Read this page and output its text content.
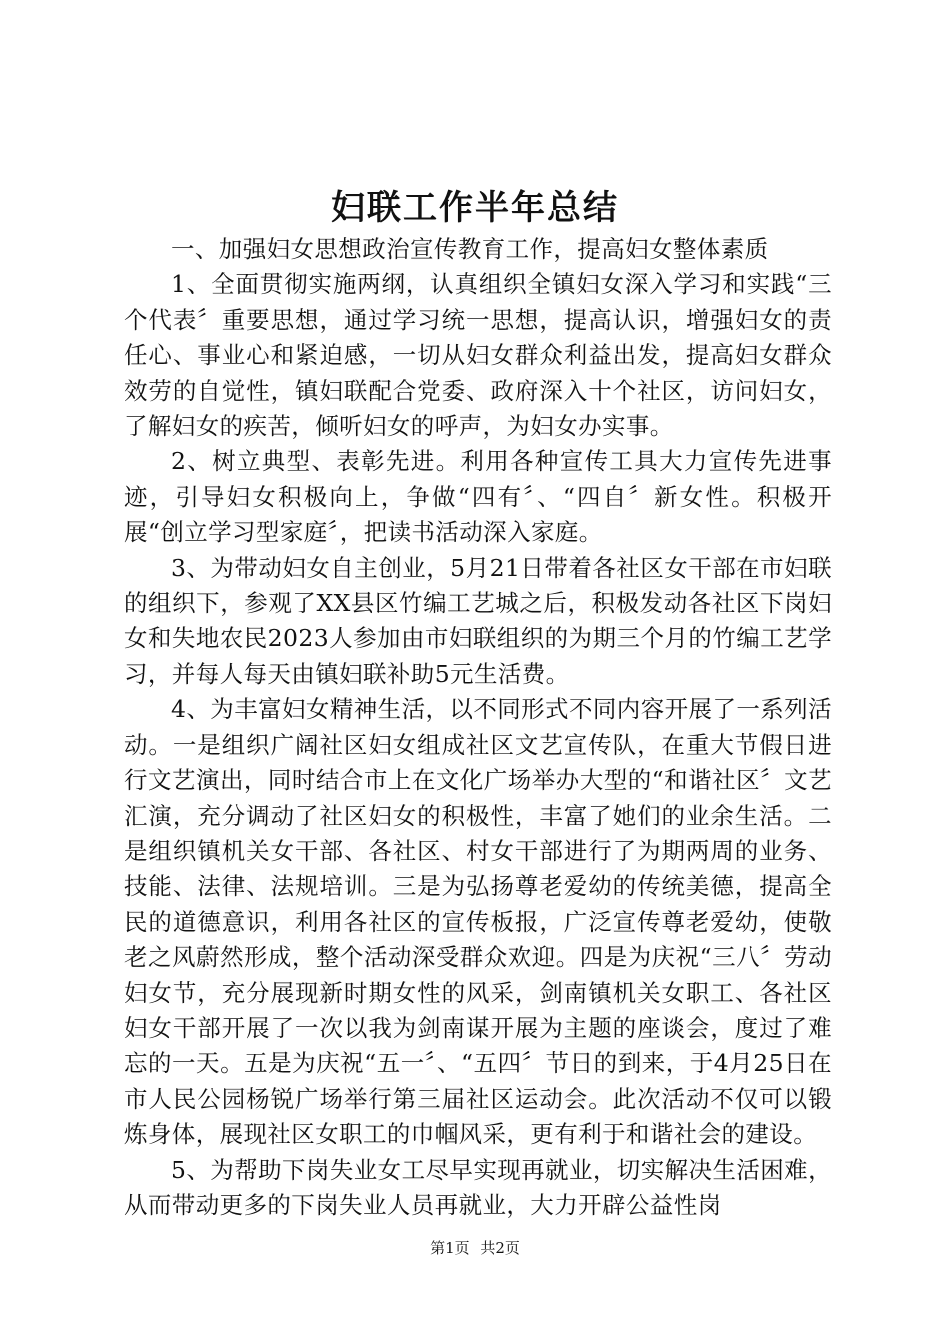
妇联工作半年总结

一、加强妇女思想政治宣传教育工作，提高妇女整体素质

1、全面贯彻实施两纲，认真组织全镇妇女深入学习和实践“三个代表〞重要思想，通过学习统一思想，提高认识，增强妇女的责任心、事业心和紧迫感，一切从妇女群众利益出发，提高妇女群众效劳的自觉性，镇妇联配合党委、政府深入十个社区，访问妇女，了解妇女的疾苦，倾听妇女的呼声，为妇女办实事。

2、树立典型、表彰先进。利用各种宣传工具大力宣传先进事迹，引导妇女积极向上，争做“四有〞、“四自〞新女性。积极开展“创立学习型家庭〞，把读书活动深入家庭。

3、为带动妇女自主创业，5月21日带着各社区女干部在市妇联的组织下，参观了XX县区竹编工艺城之后，积极发动各社区下岗妇女和失地农民2023人参加由市妇联组织的为期三个月的竹编工艺学习，并每人每天由镇妇联补助5元生活费。

4、为丰富妇女精神生活，以不同形式不同内容开展了一系列活动。一是组织广阔社区妇女组成社区文艺宣传队，在重大节假日进行文艺演出，同时结合市上在文化广场举办大型的“和谐社区〞文艺汇演，充分调动了社区妇女的积极性，丰富了她们的业余生活。二是组织镇机关女干部、各社区、村女干部进行了为期两周的业务、技能、法律、法规培训。三是为弘扬尊老爱幼的传统美德，提高全民的道德意识，利用各社区的宣传板报，广泛宣传尊老爱幼，使敬老之风蔚然形成，整个活动深受群众欢迎。四是为庆祝“三八〞劳动妇女节，充分展现新时期女性的风采，剑南镇机关女职工、各社区妇女干部开展了一次以我为剑南谋开展为主题的座谈会，度过了难忘的一天。五是为庆祝“五一〞、“五四〞节日的到来，于4月25日在市人民公园杨锐广场举行第三届社区运动会。此次活动不仅可以锻炼身体，展现社区女职工的巾帼风采，更有利于和谐社会的建设。

5、为帮助下岗失业女工尽早实现再就业，切实解决生活困难，从而带动更多的下岗失业人员再就业，大力开辟公益性岗

第1页 共2页
